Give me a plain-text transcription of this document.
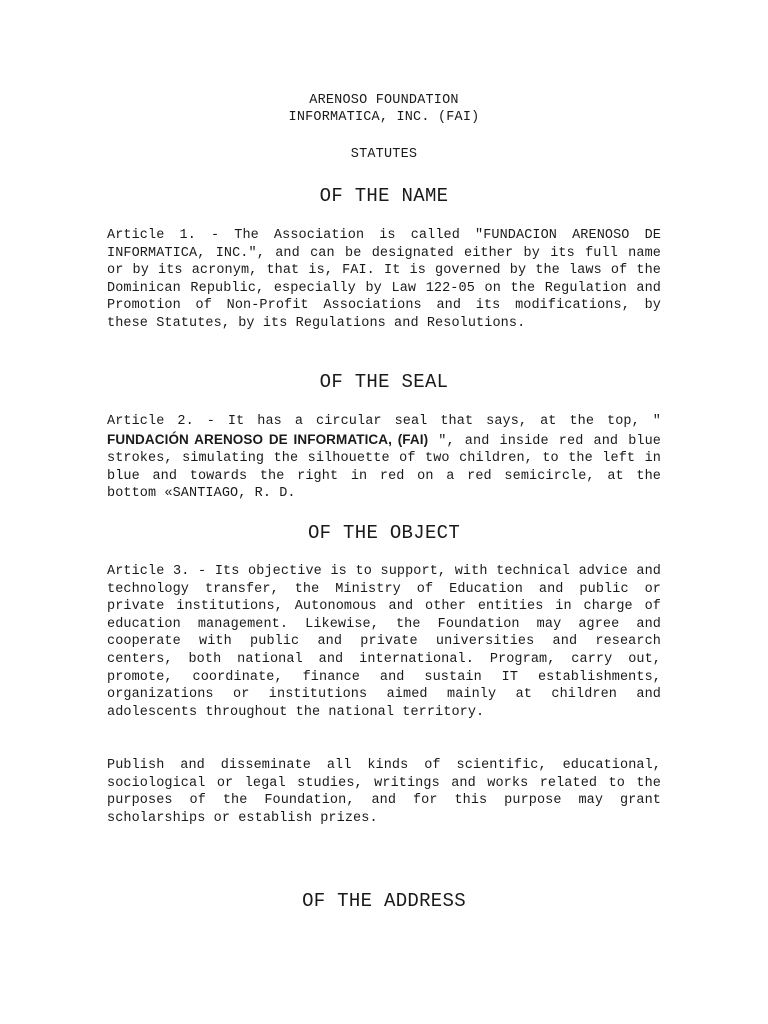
ARENOSO FOUNDATION
INFORMATICA, INC. (FAI)
STATUTES
OF THE NAME

Article 1. - The Association is called "FUNDACION ARENOSO DE INFORMATICA, INC.", and can be designated either by its full name or by its acronym, that is, FAI. It is governed by the laws of the Dominican Republic, especially by Law 122-05 on the Regulation and Promotion of Non-Profit Associations and its modifications, by these Statutes, by its Regulations and Resolutions.

OF THE SEAL

Article 2. - It has a circular seal that says, at the top, " FUNDACIÓN ARENOSO DE INFORMATICA, (FAI) ", and inside red and blue strokes, simulating the silhouette of two children, to the left in blue and towards the right in red on a red semicircle, at the bottom «SANTIAGO, R. D.

OF THE OBJECT

Article 3. - Its objective is to support, with technical advice and technology transfer, the Ministry of Education and public or private institutions, Autonomous and other entities in charge of education management. Likewise, the Foundation may agree and cooperate with public and private universities and research centers, both national and international. Program, carry out, promote, coordinate, finance and sustain IT establishments, organizations or institutions aimed mainly at children and adolescents throughout the national territory.

Publish and disseminate all kinds of scientific, educational, sociological or legal studies, writings and works related to the purposes of the Foundation, and for this purpose may grant scholarships or establish prizes.

OF THE ADDRESS
